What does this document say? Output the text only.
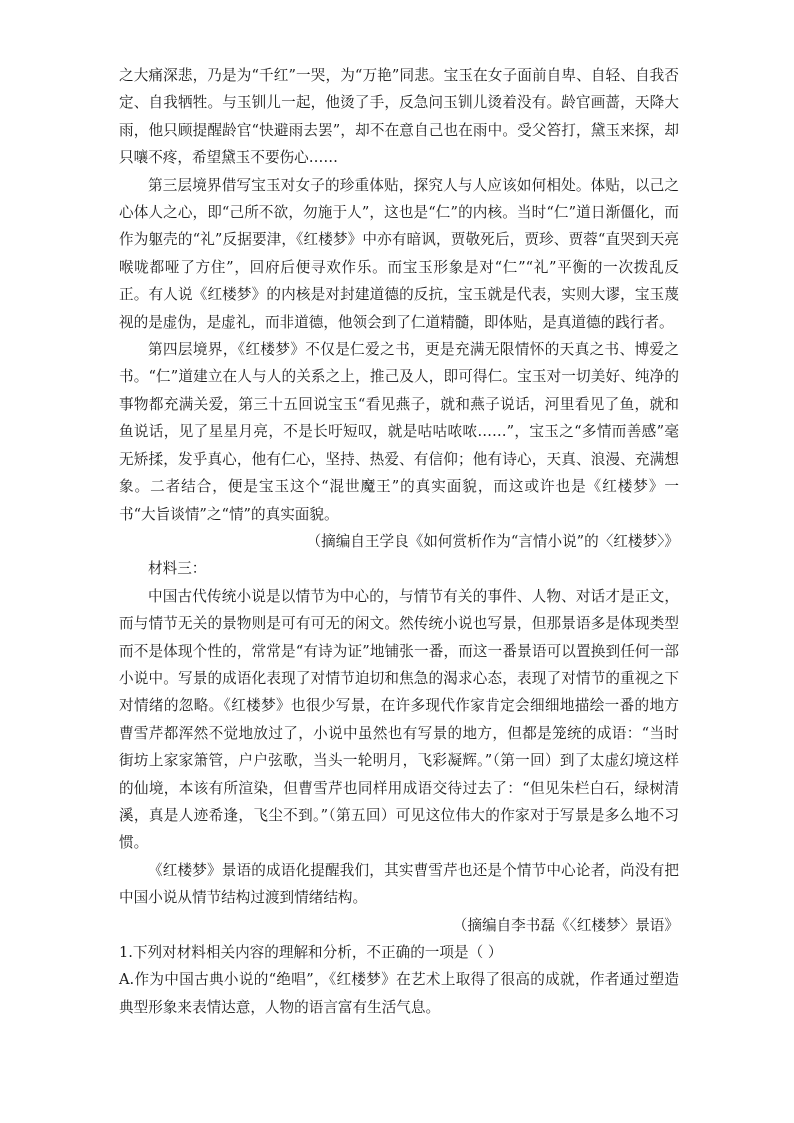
之大痛深悲，乃是为“千红”一哭，为“万艳”同悲。宝玉在女子面前自卑、自轻、自我否定、自我牺牲。与玉钏儿一起，他烫了手，反急问玉钏儿烫着没有。龄官画蔷，天降大雨，他只顾提醒龄官“快避雨去罢”，却不在意自己也在雨中。受父笞打，黛玉来探，却只嚷不疼，希望黛玉不要伤心……

第三层境界借写宝玉对女子的珍重体贴，探究人与人应该如何相处。体贴，以己之心体人之心，即“己所不欲，勿施于人”，这也是“仁”的内核。当时“仁”道日渐僵化，而作为躯壳的“礼”反据要津，《红楼梦》中亦有暗讽，贾敬死后，贾珍、贾蓉“直哭到天亮喉咙都哑了方住”，回府后便寻欢作乐。而宝玉形象是对“仁”“礼”平衡的一次拨乱反正。有人说《红楼梦》的内核是对封建道德的反抗，宝玉就是代表，实则大谬，宝玉蔑视的是虚伪，是虚礼，而非道德，他领会到了仁道精髓，即体贴，是真道德的践行者。

第四层境界，《红楼梦》不仅是仁爱之书，更是充满无限情怀的天真之书、博爱之书。“仁”道建立在人与人的关系之上，推己及人，即可得仁。宝玉对一切美好、纯净的事物都充满关爱，第三十五回说宝玉“看见燕子，就和燕子说话，河里看见了鱼，就和鱼说话，见了星星月亮，不是长吁短叹，就是咕咕哝哝……”，宝玉之“多情而善感”毫无矫揉，发乎真心，他有仁心，坚持、热爱、有信仰；他有诗心，天真、浪漫、充满想象。二者结合，便是宝玉这个“混世魔王”的真实面貌，而这或许也是《红楼梦》一书“大旨谈情”之“情”的真实面貌。

（摘编自王学良《如何赏析作为“言情小说”的〈红楼梦〉》

材料三：

中国古代传统小说是以情节为中心的，与情节有关的事件、人物、对话才是正文，而与情节无关的景物则是可有可无的闲文。然传统小说也写景，但那景语多是体现类型而不是体现个性的，常常是“有诗为证”地铺张一番，而这一番景语可以置换到任何一部小说中。写景的成语化表现了对情节迫切和焦急的渴求心态，表现了对情节的重视之下对情绪的忽略。《红楼梦》也很少写景，在许多现代作家肯定会细细地描绘一番的地方曹雪芹都浑然不觉地放过了，小说中虽然也有写景的地方，但都是笼统的成语：“当时街坊上家家箫管，户户弦歌，当头一轮明月，飞彩凝辉。”（第一回）到了太虚幻境这样的仙境，本该有所渲染，但曹雪芹也同样用成语交待过去了：“但见朱栏白石，绿树清溪，真是人迹希逢，飞尘不到。”（第五回）可见这位伟大的作家对于写景是多么地不习惯。

《红楼梦》景语的成语化提醒我们，其实曹雪芹也还是个情节中心论者，尚没有把中国小说从情节结构过渡到情绪结构。

（摘编自李书磊《〈红楼梦〉景语》

1.下列对材料相关内容的理解和分析，不正确的一项是（ ）

A.作为中国古典小说的“绝唱”，《红楼梦》在艺术上取得了很高的成就，作者通过塑造典型形象来表情达意，人物的语言富有生活气息。
